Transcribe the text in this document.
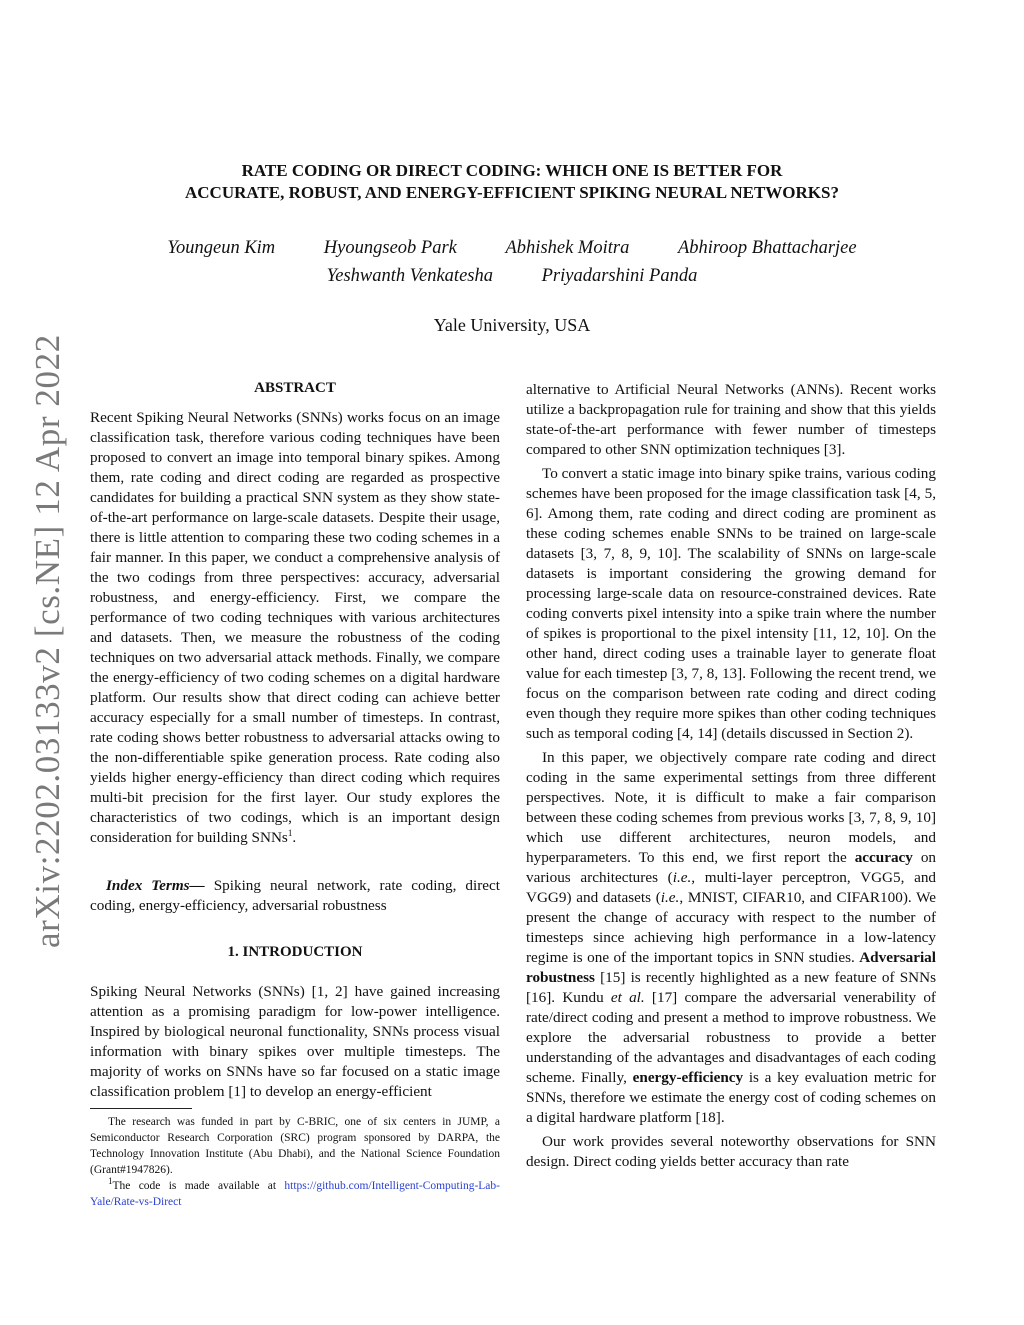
arXiv:2202.03133v2 [cs.NE] 12 Apr 2022
RATE CODING OR DIRECT CODING: WHICH ONE IS BETTER FOR
ACCURATE, ROBUST, AND ENERGY-EFFICIENT SPIKING NEURAL NETWORKS?
Youngeun Kim	Hyoungseob Park	Abhishek Moitra	Abhiroop Bhattacharjee
Yeshwanth Venkatesha	Priyadarshini Panda
Yale University, USA
ABSTRACT

Recent Spiking Neural Networks (SNNs) works focus on an image classification task, therefore various coding techniques have been proposed to convert an image into temporal binary spikes. Among them, rate coding and direct coding are regarded as prospective candidates for building a practical SNN system as they show state-of-the-art performance on large-scale datasets. Despite their usage, there is little attention to comparing these two coding schemes in a fair manner. In this paper, we conduct a comprehensive analysis of the two codings from three perspectives: accuracy, adversarial robustness, and energy-efficiency. First, we compare the performance of two coding techniques with various architectures and datasets. Then, we measure the robustness of the coding techniques on two adversarial attack methods. Finally, we compare the energy-efficiency of two coding schemes on a digital hardware platform. Our results show that direct coding can achieve better accuracy especially for a small number of timesteps. In contrast, rate coding shows better robustness to adversarial attacks owing to the non-differentiable spike generation process. Rate coding also yields higher energy-efficiency than direct coding which requires multi-bit precision for the first layer. Our study explores the characteristics of two codings, which is an important design consideration for building SNNs$^1$.

Index Terms— Spiking neural network, rate coding, direct coding, energy-efficiency, adversarial robustness

1. INTRODUCTION

Spiking Neural Networks (SNNs) [1, 2] have gained increasing attention as a promising paradigm for low-power intelligence. Inspired by biological neuronal functionality, SNNs process visual information with binary spikes over multiple timesteps. The majority of works on SNNs have so far focused on a static image classification problem [1] to develop an energy-efficient

The research was funded in part by C-BRIC, one of six centers in JUMP, a Semiconductor Research Corporation (SRC) program sponsored by DARPA, the Technology Innovation Institute (Abu Dhabi), and the National Science Foundation (Grant#1947826).

$^1$The code is made available at https://github.com/Intelligent-Computing-Lab-Yale/Rate-vs-Direct

alternative to Artificial Neural Networks (ANNs). Recent works utilize a backpropagation rule for training and show that this yields state-of-the-art performance with fewer number of timesteps compared to other SNN optimization techniques [3].

To convert a static image into binary spike trains, various coding schemes have been proposed for the image classification task [4, 5, 6]. Among them, rate coding and direct coding are prominent as these coding schemes enable SNNs to be trained on large-scale datasets [3, 7, 8, 9, 10]. The scalability of SNNs on large-scale datasets is important considering the growing demand for processing large-scale data on resource-constrained devices. Rate coding converts pixel intensity into a spike train where the number of spikes is proportional to the pixel intensity [11, 12, 10]. On the other hand, direct coding uses a trainable layer to generate float value for each timestep [3, 7, 8, 13]. Following the recent trend, we focus on the comparison between rate coding and direct coding even though they require more spikes than other coding techniques such as temporal coding [4, 14] (details discussed in Section 2).

In this paper, we objectively compare rate coding and direct coding in the same experimental settings from three different perspectives. Note, it is difficult to make a fair comparison between these coding schemes from previous works [3, 7, 8, 9, 10] which use different architectures, neuron models, and hyperparameters. To this end, we first report the accuracy on various architectures (i.e., multi-layer perceptron, VGG5, and VGG9) and datasets (i.e., MNIST, CIFAR10, and CIFAR100). We present the change of accuracy with respect to the number of timesteps since achieving high performance in a low-latency regime is one of the important topics in SNN studies. Adversarial robustness [15] is recently highlighted as a new feature of SNNs [16]. Kundu et al. [17] compare the adversarial venerability of rate/direct coding and present a method to improve robustness. We explore the adversarial robustness to provide a better understanding of the advantages and disadvantages of each coding scheme. Finally, energy-efficiency is a key evaluation metric for SNNs, therefore we estimate the energy cost of coding schemes on a digital hardware platform [18].

Our work provides several noteworthy observations for SNN design. Direct coding yields better accuracy than rate
